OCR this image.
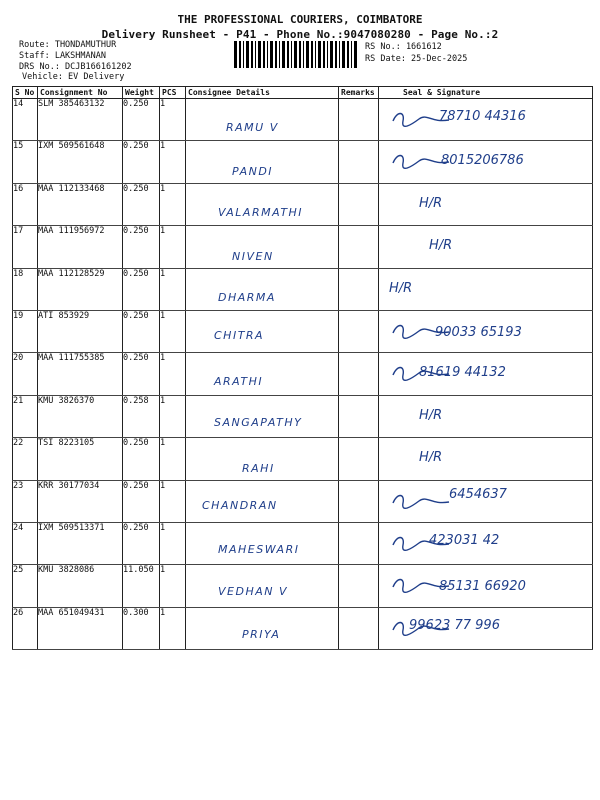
THE PROFESSIONAL COURIERS, COIMBATORE
Delivery Runsheet - P41 - Phone No.:9047080280 - Page No.:2
Route: THONDAMUTHUR
Staff: LAKSHMANAN
DRS No.: DCJB166161202
Vehicle: EV Delivery
RS No.: 1661612
RS Date: 25-Dec-2025
S No	Consignment No	Weight	PCS	Consignee Details	Remarks	Seal & Signature
14	SLM 385463132	0.250	1	RAMU V		78710 44316

15	IXM 509561648	0.250	1	PANDI		8015206786

16	MAA 112133468	0.250	1	VALARMATHI		H/R

17	MAA 111956972	0.250	1	NIVEN		H/R

18	MAA 112128529	0.250	1	DHARMA		H/R

19	ATI 853929	0.250	1	CHITRA		90033 65193

20	MAA 111755385	0.250	1	ARATHI		81619 44132

21	KMU 3826370	0.258	1	SANGAPATHY		H/R

22	TSI 8223105	0.250	1	RAHI		H/R

23	KRR 30177034	0.250	1	CHANDRAN		6454637

24	IXM 509513371	0.250	1	MAHESWARI		423031 42

25	KMU 3828086	11.050	1	VEDHAN V		85131 66920

26	MAA 651049431	0.300	1	PRIYA		99623 77 996
